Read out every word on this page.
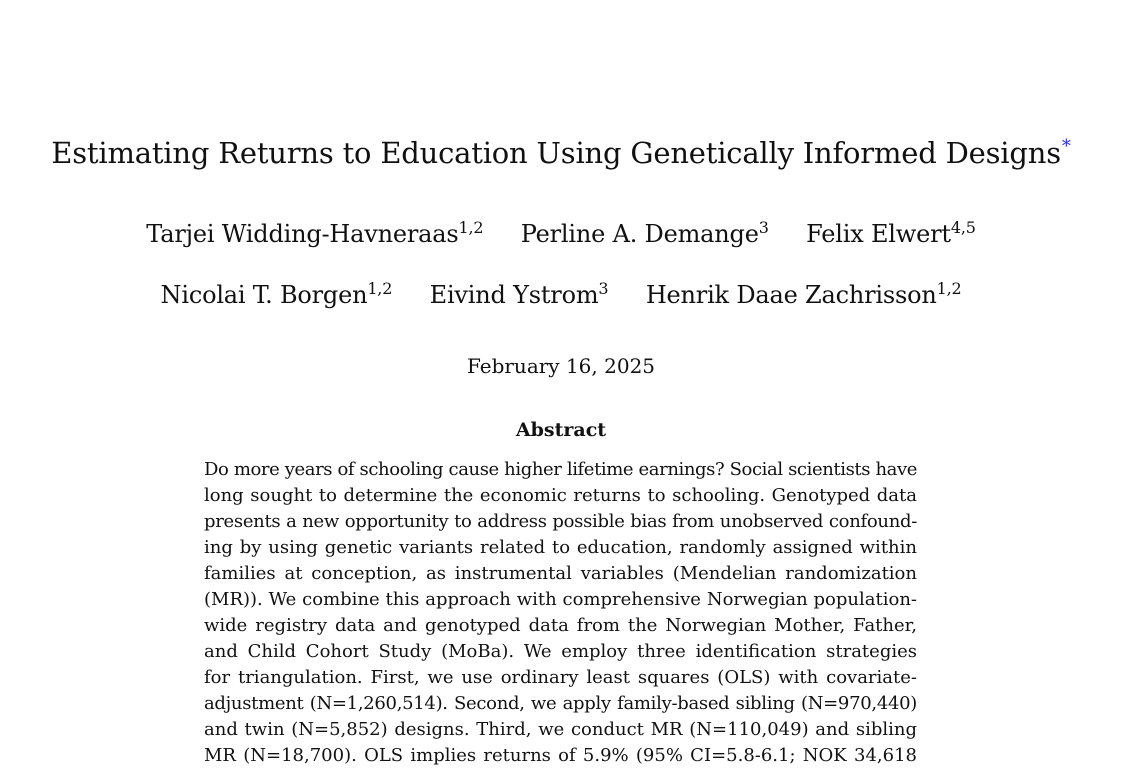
Estimating Returns to Education Using Genetically Informed Designs*
Tarjei Widding-Havneraas$^{1,2}$ Perline A. Demange$^3$ Felix Elwert$^{4,5}$
Nicolai T. Borgen$^{1,2}$ Eivind Ystrom$^3$ Henrik Daae Zachrisson$^{1,2}$
February 16, 2025
Abstract
Do more years of schooling cause higher lifetime earnings? Social scientists have
long sought to determine the economic returns to schooling. Genotyped data
presents a new opportunity to address possible bias from unobserved confound-
ing by using genetic variants related to education, randomly assigned within
families at conception, as instrumental variables (Mendelian randomization
(MR)). We combine this approach with comprehensive Norwegian population-
wide registry data and genotyped data from the Norwegian Mother, Father,
and Child Cohort Study (MoBa). We employ three identification strategies
for triangulation. First, we use ordinary least squares (OLS) with covariate-
adjustment (N=1,260,514). Second, we apply family-based sibling (N=970,440)
and twin (N=5,852) designs. Third, we conduct MR (N=110,049) and sibling
MR (N=18,700). OLS implies returns of 5.9% (95% CI=5.8-6.1; NOK 34,618
